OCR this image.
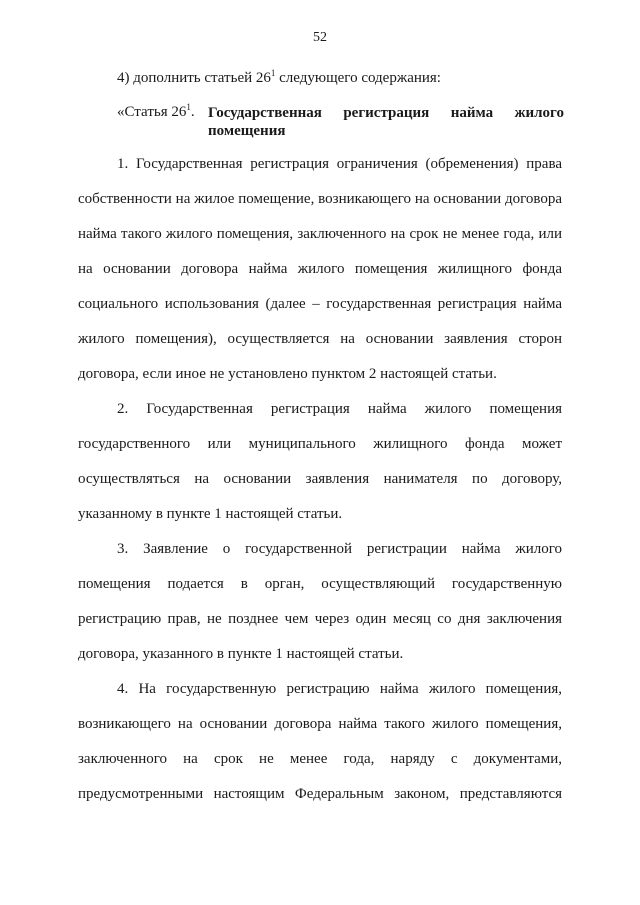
52
4) дополнить статьей $26^1$ следующего содержания:
«Статья $26^1$. Государственная регистрация найма жилого
помещения
1. Государственная регистрация ограничения (обременения) права
собственности на жилое помещение, возникающего на основании договора
найма такого жилого помещения, заключенного на срок не менее года, или
на основании договора найма жилого помещения жилищного фонда
социального использования (далее – государственная регистрация найма
жилого помещения), осуществляется на основании заявления сторон
договора, если иное не установлено пунктом 2 настоящей статьи.
2. Государственная регистрация найма жилого помещения
государственного или муниципального жилищного фонда может
осуществляться на основании заявления нанимателя по договору,
указанному в пункте 1 настоящей статьи.
3. Заявление о государственной регистрации найма жилого
помещения подается в орган, осуществляющий государственную
регистрацию прав, не позднее чем через один месяц со дня заключения
договора, указанного в пункте 1 настоящей статьи.
4. На государственную регистрацию найма жилого помещения,
возникающего на основании договора найма такого жилого помещения,
заключенного на срок не менее года, наряду с документами,
предусмотренными настоящим Федеральным законом, представляются
